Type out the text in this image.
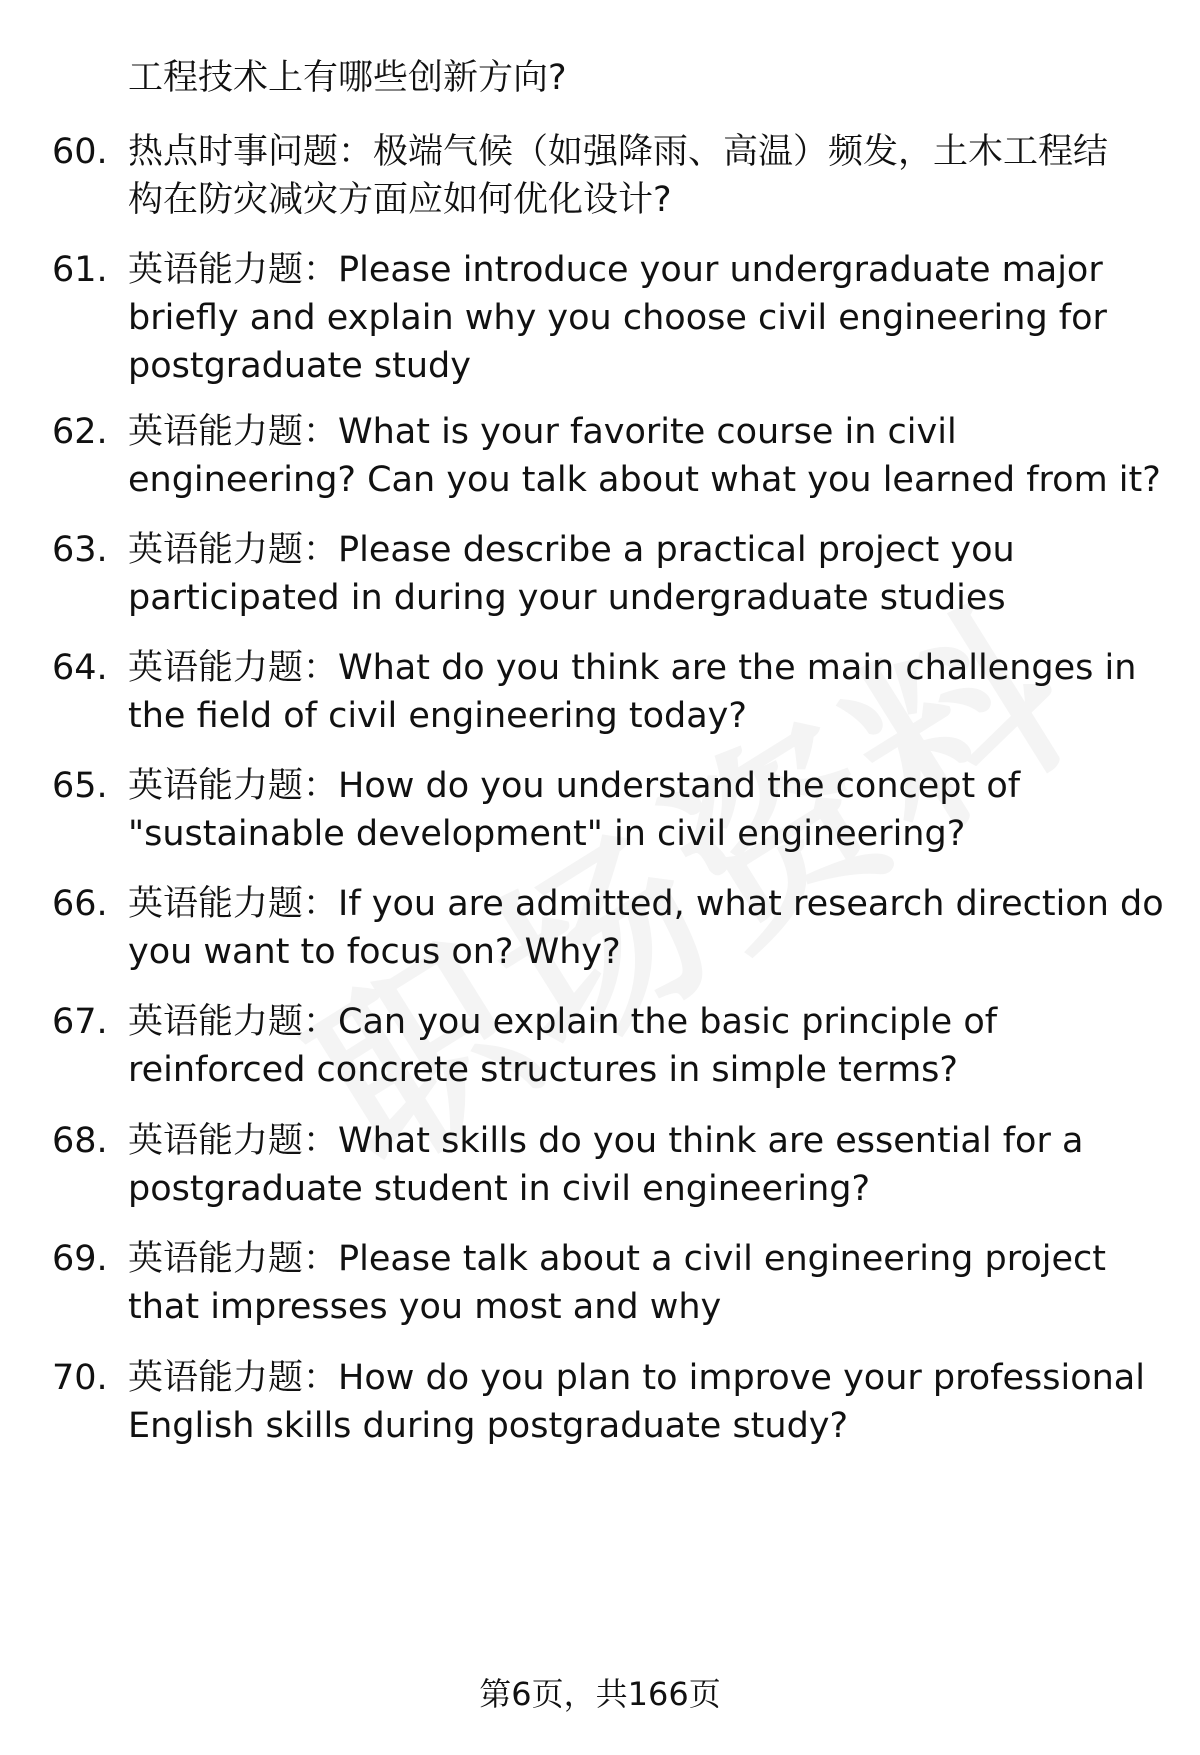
工程技术上有哪些创新方向?
60. 热点时事问题：极端气候（如强降雨、高温）频发，土木工程结
构在防灾减灾方面应如何优化设计?
61. 英语能力题：Please introduce your undergraduate major
briefly and explain why you choose civil engineering for
postgraduate study
62. 英语能力题：What is your favorite course in civil
engineering? Can you talk about what you learned from it?
63. 英语能力题：Please describe a practical project you
participated in during your undergraduate studies
64. 英语能力题：What do you think are the main challenges in
the field of civil engineering today?
65. 英语能力题：How do you understand the concept of
"sustainable development" in civil engineering?
66. 英语能力题：If you are admitted, what research direction do
you want to focus on? Why?
67. 英语能力题：Can you explain the basic principle of
reinforced concrete structures in simple terms?
68. 英语能力题：What skills do you think are essential for a
postgraduate student in civil engineering?
69. 英语能力题：Please talk about a civil engineering project
that impresses you most and why
70. 英语能力题：How do you plan to improve your professional
English skills during postgraduate study?
第6页，共166页
